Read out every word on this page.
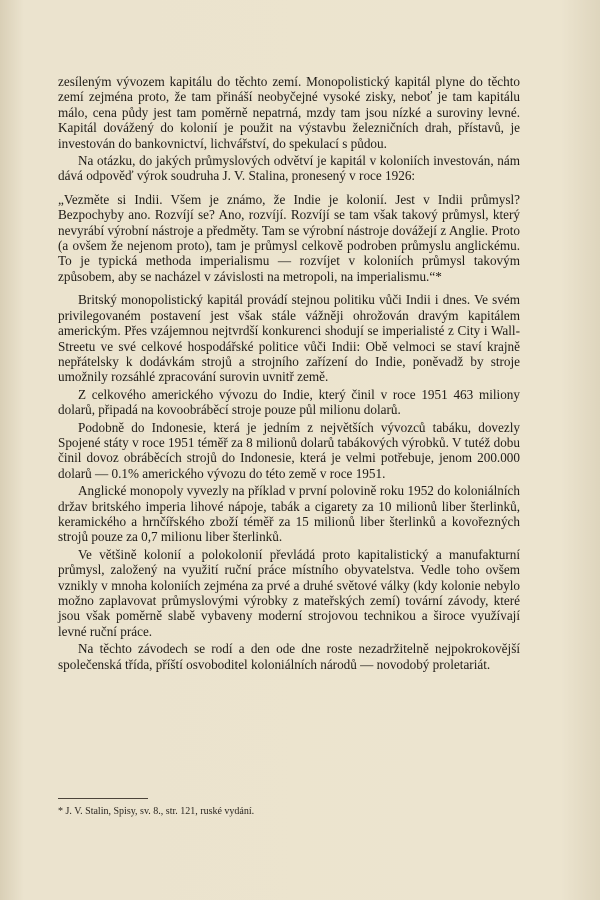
zesíleným vývozem kapitálu do těchto zemí. Monopolistický kapitál plyne do těchto zemí zejména proto, že tam přináší neobyčejné vysoké zisky, neboť je tam kapitálu málo, cena půdy jest tam poměrně nepatrná, mzdy tam jsou nízké a suroviny levné. Kapitál dovážený do kolonií je použit na výstavbu železničních drah, přístavů, je investován do bankovnictví, lichvářství, do spekulací s půdou.

Na otázku, do jakých průmyslových odvětví je kapitál v koloniích investován, nám dává odpověď výrok soudruha J. V. Stalina, pronesený v roce 1926:

„Vezměte si Indii. Všem je známo, že Indie je kolonií. Jest v Indii průmysl? Bezpochyby ano. Rozvíjí se? Ano, rozvíjí. Rozvíjí se tam však takový průmysl, který nevyrábí výrobní nástroje a předměty. Tam se výrobní nástroje dovážejí z Anglie. Proto (a ovšem že nejenom proto), tam je průmysl celkově podroben průmyslu anglickému. To je typická methoda imperialismu — rozvíjet v koloniích průmysl takovým způsobem, aby se nacházel v závislosti na metropoli, na imperialismu.“*

Britský monopolistický kapitál provádí stejnou politiku vůči Indii i dnes. Ve svém privilegovaném postavení jest však stále vážněji ohrožován dravým kapitálem americkým. Přes vzájemnou nejtvrdší konkurenci shodují se imperialisté z City i Wall-Streetu ve své celkové hospodářské politice vůči Indii: Obě velmoci se staví krajně nepřátelsky k dodávkám strojů a strojního zařízení do Indie, poněvadž by stroje umožnily rozsáhlé zpracování surovin uvnitř země.

Z celkového amerického vývozu do Indie, který činil v roce 1951 463 miliony dolarů, připadá na kovoobráběcí stroje pouze půl milionu dolarů.

Podobně do Indonesie, která je jedním z největších vývozců tabáku, dovezly Spojené státy v roce 1951 téměř za 8 milionů dolarů tabákových výrobků. V tutéž dobu činil dovoz obráběcích strojů do Indonesie, která je velmi potřebuje, jenom 200.000 dolarů — 0.1% amerického vývozu do této země v roce 1951.

Anglické monopoly vyvezly na příklad v první polovině roku 1952 do koloniálních držav britského imperia lihové nápoje, tabák a cigarety za 10 milionů liber šterlinků, keramického a hrnčířského zboží téměř za 15 milionů liber šterlinků a kovořezných strojů pouze za 0,7 milionu liber šterlinků.

Ve většině kolonií a polokolonií převládá proto kapitalistický a manufakturní průmysl, založený na využití ruční práce místního obyvatelstva. Vedle toho ovšem vznikly v mnoha koloniích zejména za prvé a druhé světové války (kdy kolonie nebylo možno zaplavovat průmyslovými výrobky z mateřských zemí) tovární závody, které jsou však poměrně slabě vybaveny moderní strojovou technikou a široce využívají levné ruční práce.

Na těchto závodech se rodí a den ode dne roste nezadržitelně nejpokrokovější společenská třída, příští osvoboditel koloniálních národů — novodobý proletariát.

* J. V. Stalin, Spisy, sv. 8., str. 121, ruské vydání.
